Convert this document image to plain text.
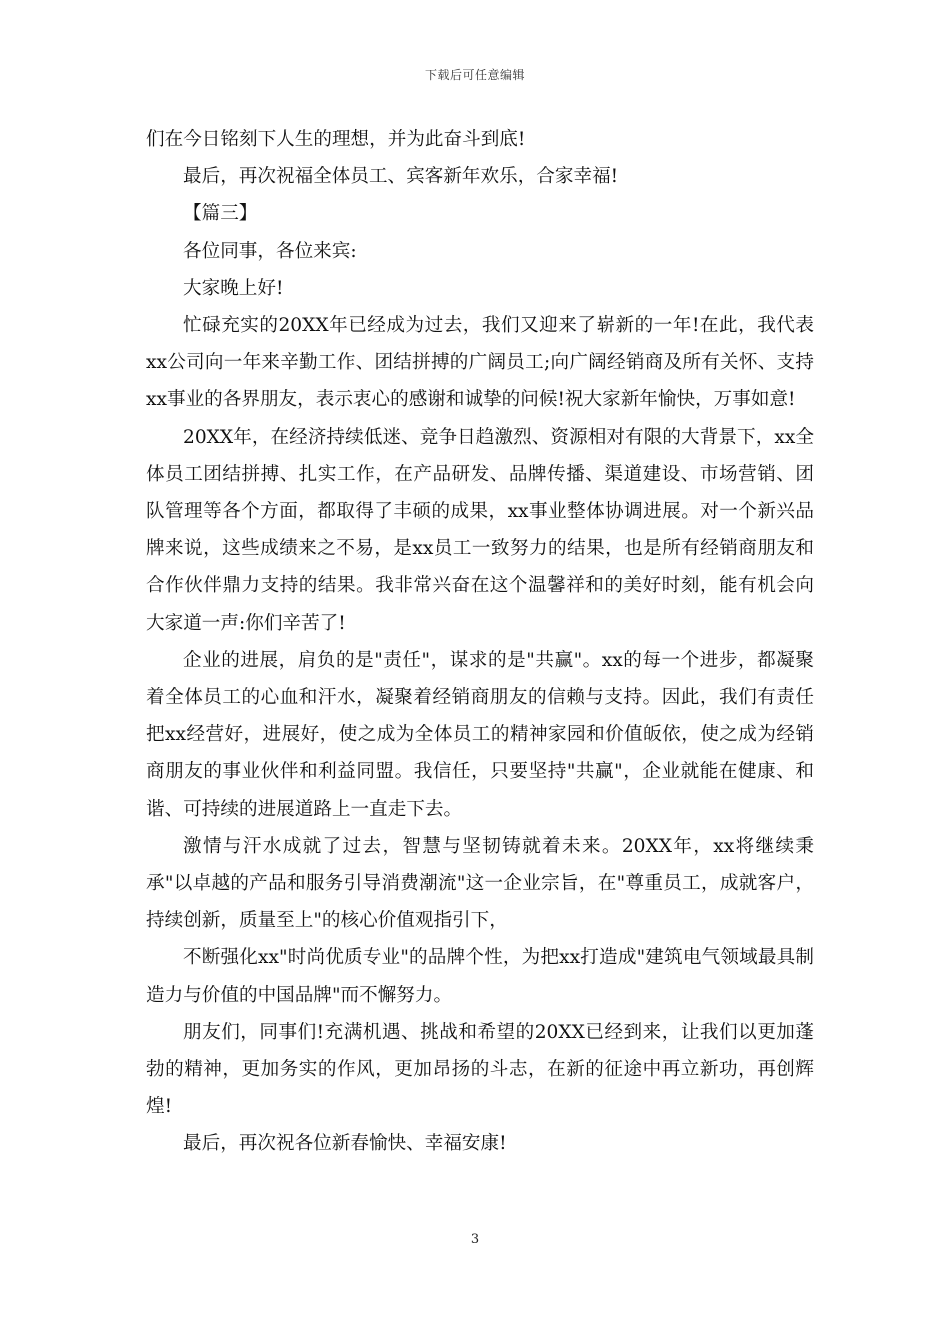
下载后可任意编辑

们在今日铭刻下人生的理想，并为此奋斗到底!

最后，再次祝福全体员工、宾客新年欢乐，合家幸福!

【篇三】

各位同事，各位来宾:

大家晚上好!

忙碌充实的20XX年已经成为过去，我们又迎来了崭新的一年!在此，我代表xx公司向一年来辛勤工作、团结拼搏的广阔员工;向广阔经销商及所有关怀、支持xx事业的各界朋友，表示衷心的感谢和诚挚的问候!祝大家新年愉快，万事如意!

20XX年，在经济持续低迷、竞争日趋激烈、资源相对有限的大背景下，xx全体员工团结拼搏、扎实工作，在产品研发、品牌传播、渠道建设、市场营销、团队管理等各个方面，都取得了丰硕的成果，xx事业整体协调进展。对一个新兴品牌来说，这些成绩来之不易，是xx员工一致努力的结果，也是所有经销商朋友和合作伙伴鼎力支持的结果。我非常兴奋在这个温馨祥和的美好时刻，能有机会向大家道一声:你们辛苦了!

企业的进展，肩负的是"责任"，谋求的是"共赢"。xx的每一个进步，都凝聚着全体员工的心血和汗水，凝聚着经销商朋友的信赖与支持。因此，我们有责任把xx经营好，进展好，使之成为全体员工的精神家园和价值皈依，使之成为经销商朋友的事业伙伴和利益同盟。我信任，只要坚持"共赢"，企业就能在健康、和谐、可持续的进展道路上一直走下去。

激情与汗水成就了过去，智慧与坚韧铸就着未来。20XX年，xx将继续秉承"以卓越的产品和服务引导消费潮流"这一企业宗旨，在"尊重员工，成就客户，持续创新，质量至上"的核心价值观指引下，

不断强化xx"时尚优质专业"的品牌个性，为把xx打造成"建筑电气领域最具制造力与价值的中国品牌"而不懈努力。

朋友们，同事们!充满机遇、挑战和希望的20XX已经到来，让我们以更加蓬勃的精神，更加务实的作风，更加昂扬的斗志，在新的征途中再立新功，再创辉煌!

最后，再次祝各位新春愉快、幸福安康!

3
